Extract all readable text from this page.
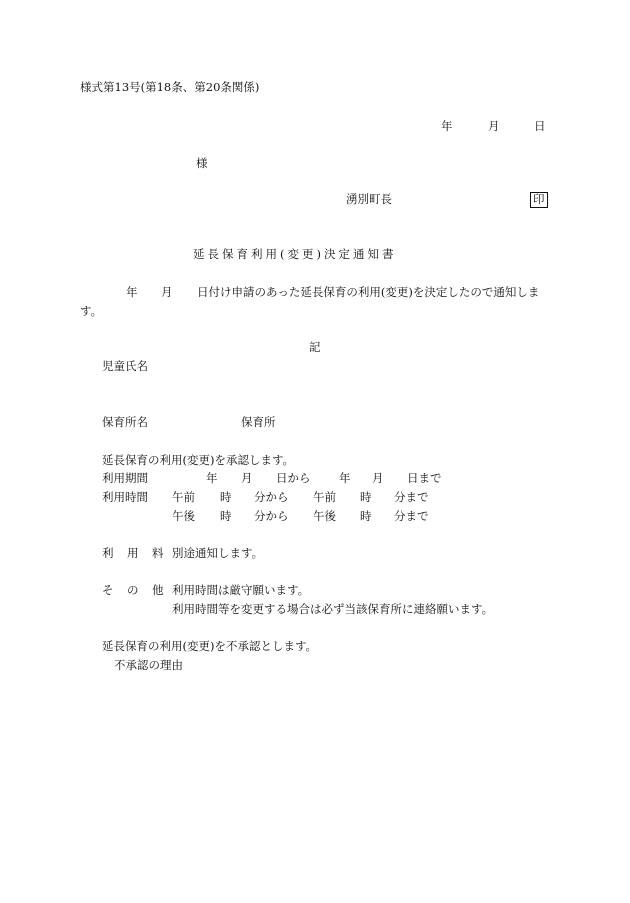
様式第13号(第18条、第20条関係)
年	月	日
様
湧別町長	印
延長保育利用(変更)決定通知書
年 月 日付け申請のあった延長保育の利用(変更)を決定したので通知しま
す。
記
児童氏名
保育所名	保育所
延長保育の利用(変更)を承認します。
利用期間	年 月 日から 年 月 日まで
利用時間 午前 時 分から 午前 時 分まで
午後 時 分から 午後 時 分まで
利 用 料 別途通知します。
そ の 他 利用時間は厳守願います。
利用時間等を変更する場合は必ず当該保育所に連絡願います。
延長保育の利用(変更)を不承認とします。
不承認の理由
